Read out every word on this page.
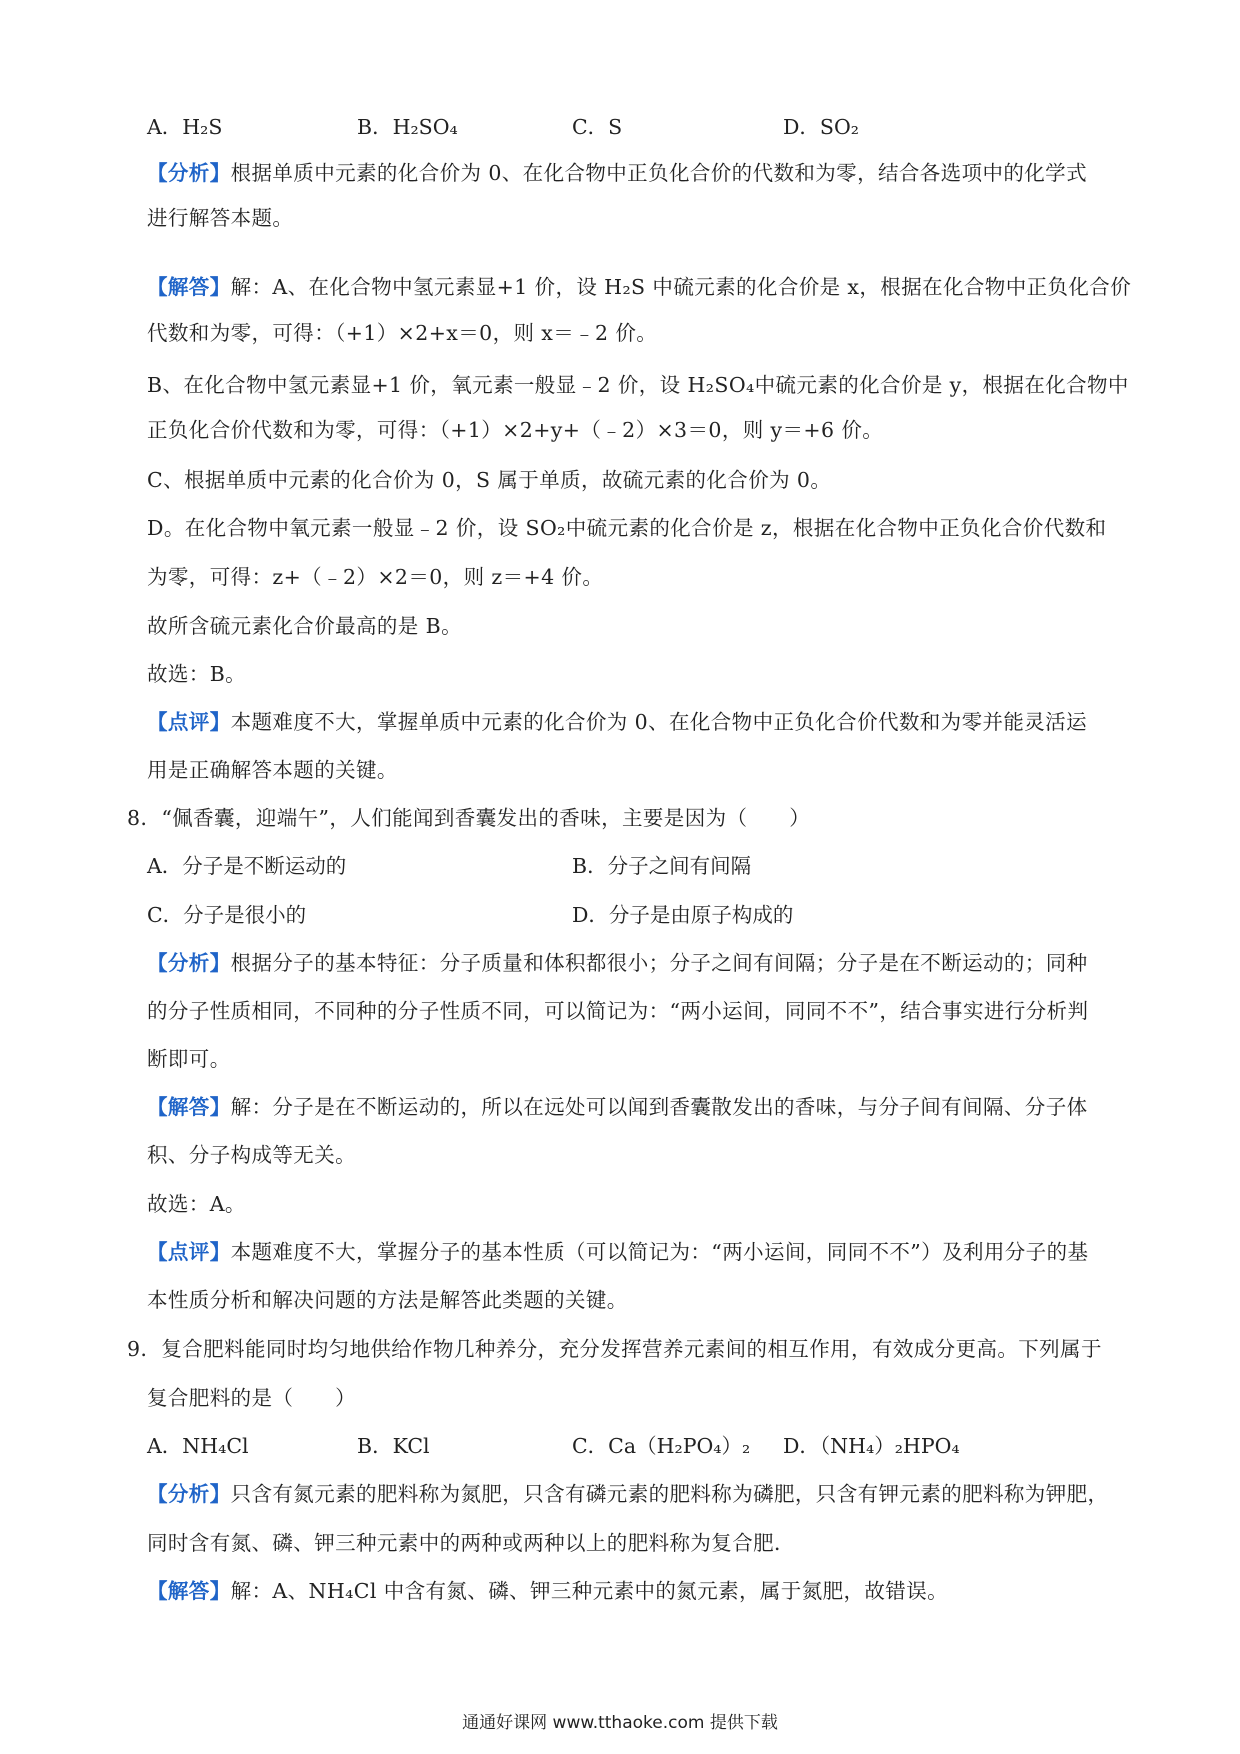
A．H₂S	B．H₂SO₄	C．S	D．SO₂
【分析】根据单质中元素的化合价为 0、在化合物中正负化合价的代数和为零，结合各选项中的化学式
进行解答本题。
【解答】解：A、在化合物中氢元素显+1 价，设 H₂S 中硫元素的化合价是 x，根据在化合物中正负化合价
代数和为零，可得：（+1）×2+x＝0，则 x＝﹣2 价。
B、在化合物中氢元素显+1 价，氧元素一般显﹣2 价，设 H₂SO₄中硫元素的化合价是 y，根据在化合物中
正负化合价代数和为零，可得：（+1）×2+y+（﹣2）×3＝0，则 y＝+6 价。
C、根据单质中元素的化合价为 0，S 属于单质，故硫元素的化合价为 0。
D。在化合物中氧元素一般显﹣2 价，设 SO₂中硫元素的化合价是 z，根据在化合物中正负化合价代数和
为零，可得：z+（﹣2）×2＝0，则 z＝+4 价。
故所含硫元素化合价最高的是 B。
故选：B。
【点评】本题难度不大，掌握单质中元素的化合价为 0、在化合物中正负化合价代数和为零并能灵活运
用是正确解答本题的关键。
8．“佩香囊，迎端午”，人们能闻到香囊发出的香味，主要是因为（　　）
A．分子是不断运动的	B．分子之间有间隔
C．分子是很小的	D．分子是由原子构成的
【分析】根据分子的基本特征：分子质量和体积都很小；分子之间有间隔；分子是在不断运动的；同种
的分子性质相同，不同种的分子性质不同，可以简记为：“两小运间，同同不不”，结合事实进行分析判
断即可。
【解答】解：分子是在不断运动的，所以在远处可以闻到香囊散发出的香味，与分子间有间隔、分子体
积、分子构成等无关。
故选：A。
【点评】本题难度不大，掌握分子的基本性质（可以简记为：“两小运间，同同不不”）及利用分子的基
本性质分析和解决问题的方法是解答此类题的关键。
9．复合肥料能同时均匀地供给作物几种养分，充分发挥营养元素间的相互作用，有效成分更高。下列属于
复合肥料的是（　　）
A．NH₄Cl	B．KCl	C．Ca（H₂PO₄）₂ D．（NH₄）₂HPO₄
【分析】只含有氮元素的肥料称为氮肥，只含有磷元素的肥料称为磷肥，只含有钾元素的肥料称为钾肥，
同时含有氮、磷、钾三种元素中的两种或两种以上的肥料称为复合肥．
【解答】解：A、NH₄Cl 中含有氮、磷、钾三种元素中的氮元素，属于氮肥，故错误。
通通好课网 www.tthaoke.com 提供下载
